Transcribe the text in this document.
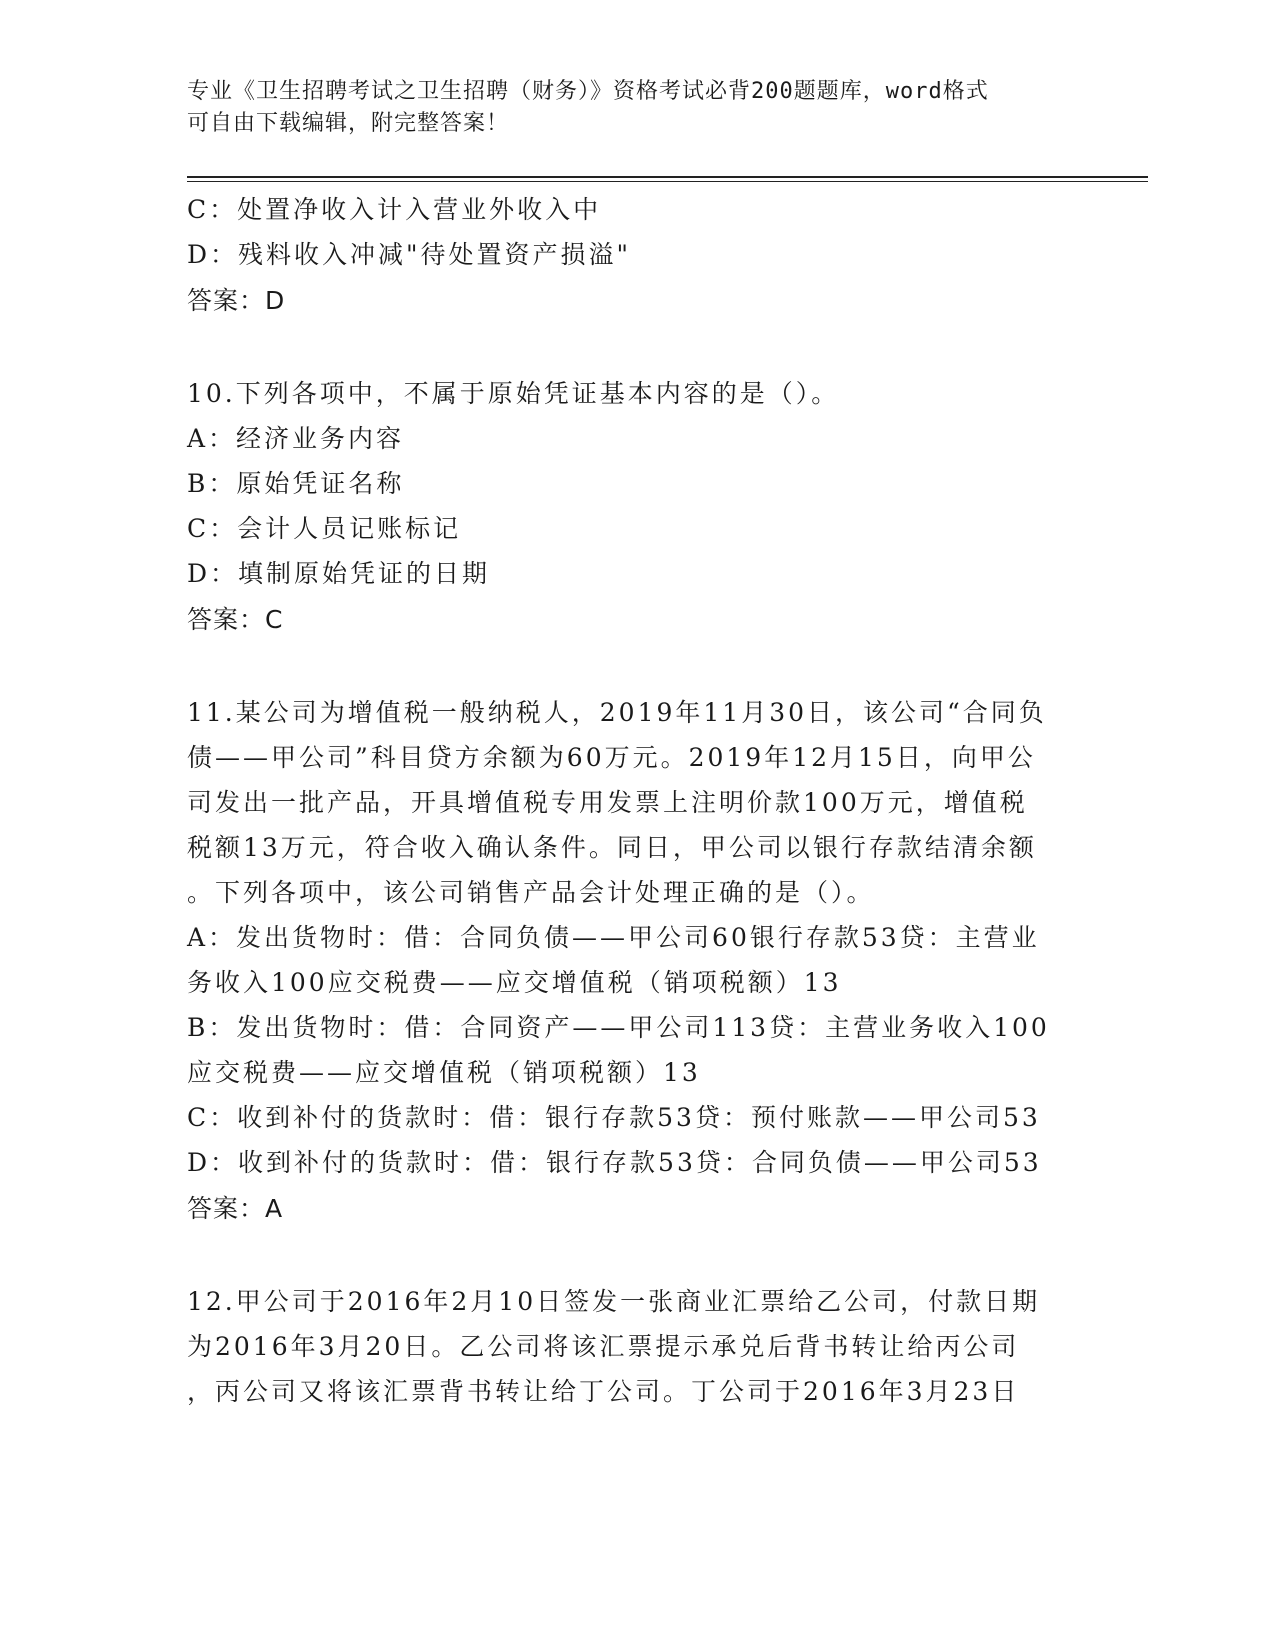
专业《卫生招聘考试之卫生招聘（财务）》资格考试必背200题题库，word格式
可自由下载编辑，附完整答案！
C：处置净收入计入营业外收入中
D：残料收入冲减"待处置资产损溢"
答案：D
10.下列各项中，不属于原始凭证基本内容的是（）。
A：经济业务内容
B：原始凭证名称
C：会计人员记账标记
D：填制原始凭证的日期
答案：C
11.某公司为增值税一般纳税人，2019年11月30日，该公司“合同负
债——甲公司”科目贷方余额为60万元。2019年12月15日，向甲公
司发出一批产品，开具增值税专用发票上注明价款100万元，增值税
税额13万元，符合收入确认条件。同日，甲公司以银行存款结清余额
。下列各项中，该公司销售产品会计处理正确的是（）。
A：发出货物时：借：合同负债——甲公司60银行存款53贷：主营业
务收入100应交税费——应交增值税（销项税额）13
B：发出货物时：借：合同资产——甲公司113贷：主营业务收入100
应交税费——应交增值税（销项税额）13
C：收到补付的货款时：借：银行存款53贷：预付账款——甲公司53
D：收到补付的货款时：借：银行存款53贷：合同负债——甲公司53
答案：A
12.甲公司于2016年2月10日签发一张商业汇票给乙公司，付款日期
为2016年3月20日。乙公司将该汇票提示承兑后背书转让给丙公司
，丙公司又将该汇票背书转让给丁公司。丁公司于2016年3月23日
